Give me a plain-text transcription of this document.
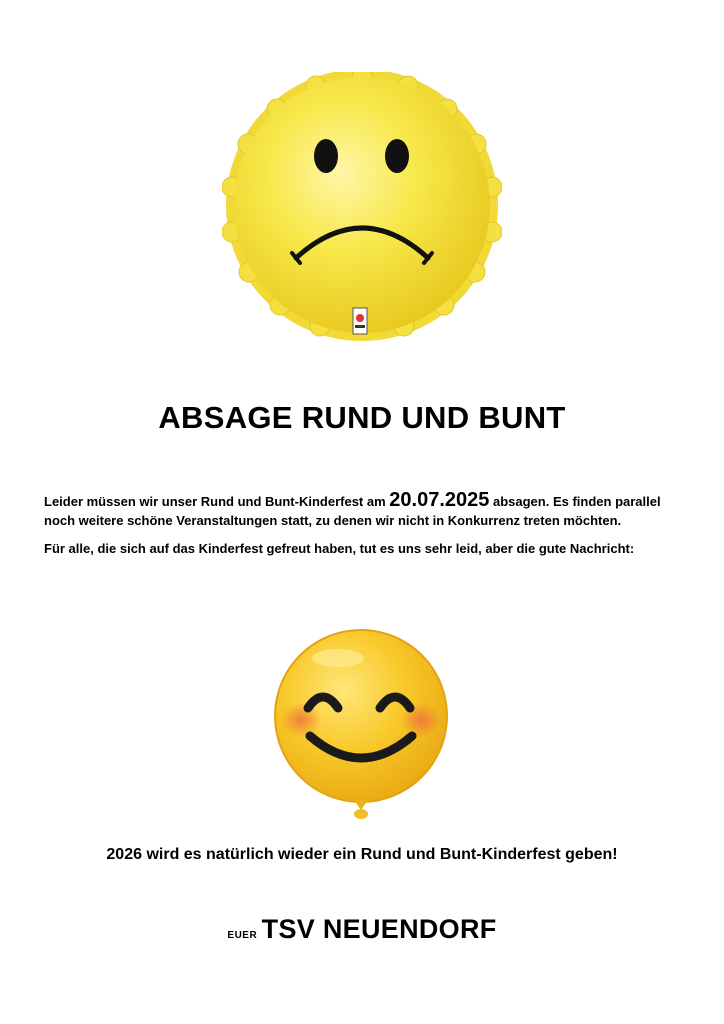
ABSAGE RUND UND BUNT

Leider müssen wir unser Rund und Bunt-Kinderfest am 20.07.2025 absagen. Es finden parallel noch weitere schöne Veranstaltungen statt, zu denen wir nicht in Konkurrenz treten möchten.

Für alle, die sich auf das Kinderfest gefreut haben, tut es uns sehr leid, aber die gute Nachricht:

2026 wird es natürlich wieder ein Rund und Bunt-Kinderfest geben!

EUER TSV NEUENDORF
